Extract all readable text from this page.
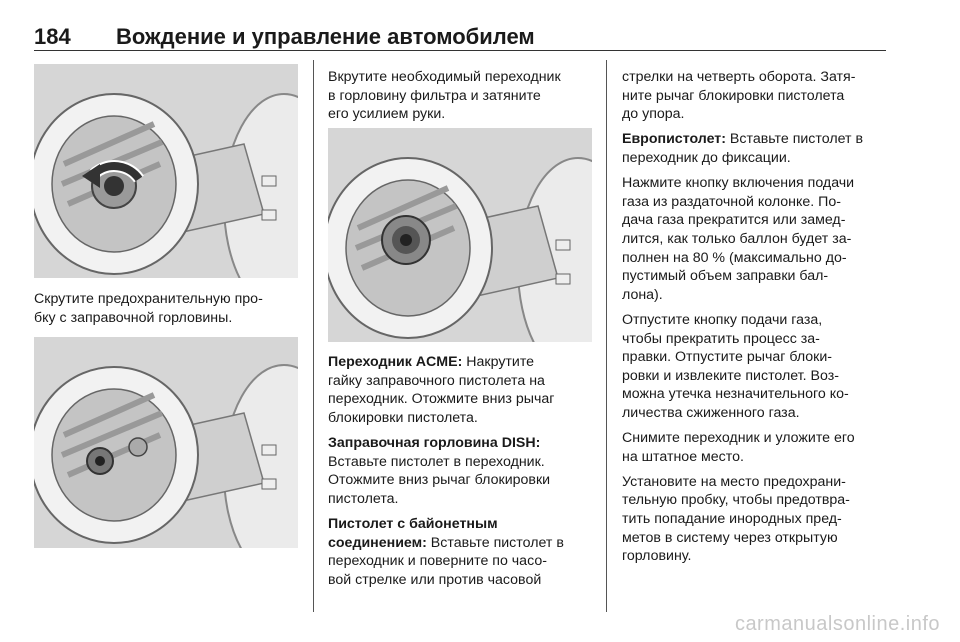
184 Вождение и управление автомобилем
Скрутите предохранительную про-
бку с заправочной горловины.

Вкрутите необходимый переходник
в горловину фильтра и затяните
его усилием руки.

Переходник ACME: Накрутите
гайку заправочного пистолета на
переходник. Отожмите вниз рычаг
блокировки пистолета.

Заправочная горловина DISH:
Вставьте пистолет в переходник.
Отожмите вниз рычаг блокировки
пистолета.

Пистолет с байонетным
соединением: Вставьте пистолет в
переходник и поверните по часо-
вой стрелке или против часовой

стрелки на четверть оборота. Затя-
ните рычаг блокировки пистолета
до упора.

Европистолет: Вставьте пистолет в
переходник до фиксации.

Нажмите кнопку включения подачи
газа из раздаточной колонке. По-
дача газа прекратится или замед-
лится, как только баллон будет за-
полнен на 80 % (максимально до-
пустимый объем заправки бал-
лона).

Отпустите кнопку подачи газа,
чтобы прекратить процесс за-
правки. Отпустите рычаг блоки-
ровки и извлеките пистолет. Воз-
можна утечка незначительного ко-
личества сжиженного газа.

Снимите переходник и уложите его
на штатное место.

Установите на место предохрани-
тельную пробку, чтобы предотвра-
тить попадание инородных пред-
метов в систему через открытую
горловину.

carmanualsonline.info
